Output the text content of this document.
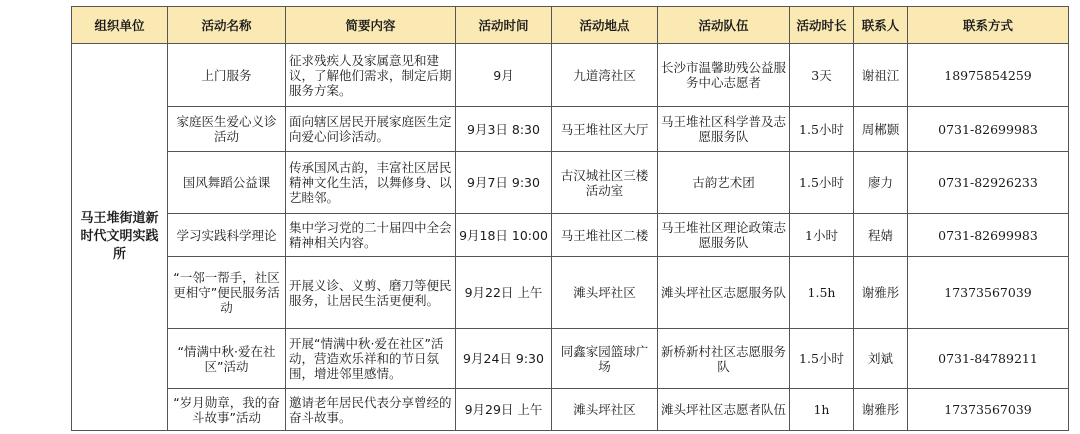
组织单位	活动名称	简要内容	活动时间	活动地点	活动队伍	活动时长	联系人	联系方式
马王堆街道新时代文明实践所	上门服务	征求残疾人及家属意见和建议，了解他们需求，制定后期服务方案。	9月	九道湾社区	长沙市温馨助残公益服务中心志愿者	3天	谢祖江	18975854259
	家庭医生爱心义诊活动	面向辖区居民开展家庭医生定向爱心问诊活动。	9月3日 8:30	马王堆社区大厅	马王堆社区科学普及志愿服务队	1.5小时	周郴颢	0731-82699983
	国风舞蹈公益课	传承国风古韵，丰富社区居民精神文化生活，以舞修身、以艺睦邻。	9月7日 9:30	古汉城社区三楼活动室	古韵艺术团	1.5小时	廖力	0731-82926233
	学习实践科学理论	集中学习党的二十届四中全会精神相关内容。	9月18日 10:00	马王堆社区二楼	马王堆社区理论政策志愿服务队	1小时	程婧	0731-82699983
	“一邻一帮手，社区更相守”便民服务活动	开展义诊、义剪、磨刀等便民服务，让居民生活更便利。	9月22日 上午	滩头坪社区	滩头坪社区志愿服务队	1.5h	谢雅彤	17373567039
	“情满中秋·爱在社区”活动	开展“情满中秋·爱在社区”活动，营造欢乐祥和的节日氛围，增进邻里感情。	9月24日 9:30	同鑫家园篮球广场	新桥新村社区志愿服务队	1.5小时	刘斌	0731-84789211
	“岁月勋章，我的奋斗故事”活动	邀请老年居民代表分享曾经的奋斗故事。	9月29日 上午	滩头坪社区	滩头坪社区志愿者队伍	1h	谢雅彤	17373567039
